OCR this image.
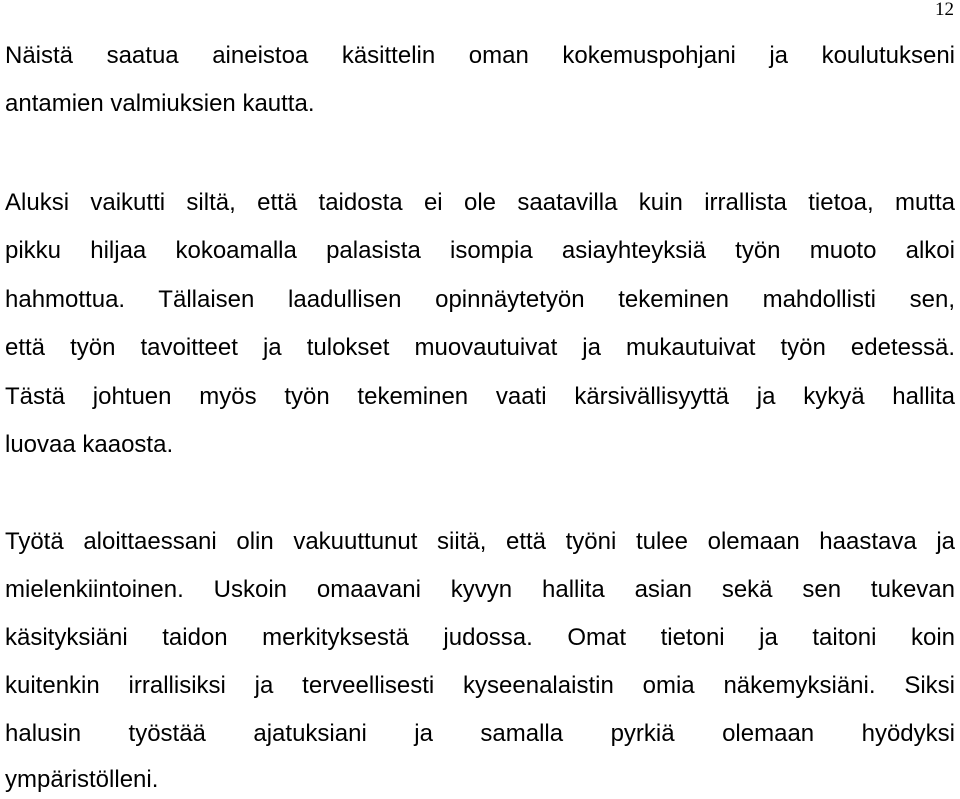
12
Näistä saatua aineistoa käsittelin oman kokemuspohjani ja koulutukseni
antamien valmiuksien kautta.
Aluksi vaikutti siltä, että taidosta ei ole saatavilla kuin irrallista tietoa, mutta
pikku hiljaa kokoamalla palasista isompia asiayhteyksiä työn muoto alkoi
hahmottua. Tällaisen laadullisen opinnäytetyön tekeminen mahdollisti sen,
että työn tavoitteet ja tulokset muovautuivat ja mukautuivat työn edetessä.
Tästä johtuen myös työn tekeminen vaati kärsivällisyyttä ja kykyä hallita
luovaa kaaosta.
Työtä aloittaessani olin vakuuttunut siitä, että työni tulee olemaan haastava ja
mielenkiintoinen. Uskoin omaavani kyvyn hallita asian sekä sen tukevan
käsityksiäni taidon merkityksestä judossa. Omat tietoni ja taitoni koin
kuitenkin irrallisiksi ja terveellisesti kyseenalaistin omia näkemyksiäni. Siksi
halusin työstää ajatuksiani ja samalla pyrkiä olemaan hyödyksi
ympäristölleni.
